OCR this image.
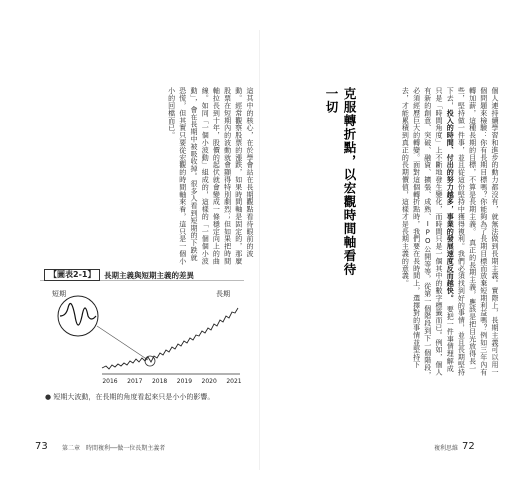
這其中的核心，在於學會站在長期觀點看待眼前的波動。經常觀察股票的漲跌，如果時間軸是固定的，那麼股票在短期內的波動就會顯得特別劇烈；但如果把時間軸拉長到十年，股價的起伏就會變成一條穩定向上的曲線。如同「一個小波動」組成的，這樣的「一個個小波動」，會在長期中被吸收掉。很多人看到短期的下跌就恐慌，但其實只要從宏觀的時間軸來看，這只是一個小小的回檔而已。
【圖表2-1】	長期主義與短期主義的差異
短期	長期
2016 2017 2018 2019 2020 2021
● 短期大波動，在長期的角度看起來只是小小的影響。
73 第二章　時間複利──做一位長期主義者
個人連持續學習和進步的動力都沒有，就無法做到長期主義。實際上，長期主義可以用一個問題來檢驗：你有長期目標嗎？你能夠為了長期目標而放棄短期利益嗎？例如三年內有轉加薪，這種長期的目標，不算是長期主義。　真正的長期主義，應該是把目光放得長一些，堅持做一件事，並且從這份堅持中獲得複利。我們必須找到好的事情，並且長期堅持下去，投入的時間、付出的努力越多，事業的發展速度反而越快。　要把一件事情理解成只是「時間角度」上不斷地發生變化，而時間只是一個其中的數字標籤而已。例如，個人有新的創意、突破、融資、擴張、成熟、IPO公開等等，從第一個階段到下一個階段，必須經歷巨大的轉變。面對這個轉折點時，我們要在長時間上，選擇對的事情並堅持下去，才能累積到真正的長期價值，這樣才是長期主義的意義。
克服轉折點，以宏觀時間軸看待一切
72
複利思維
